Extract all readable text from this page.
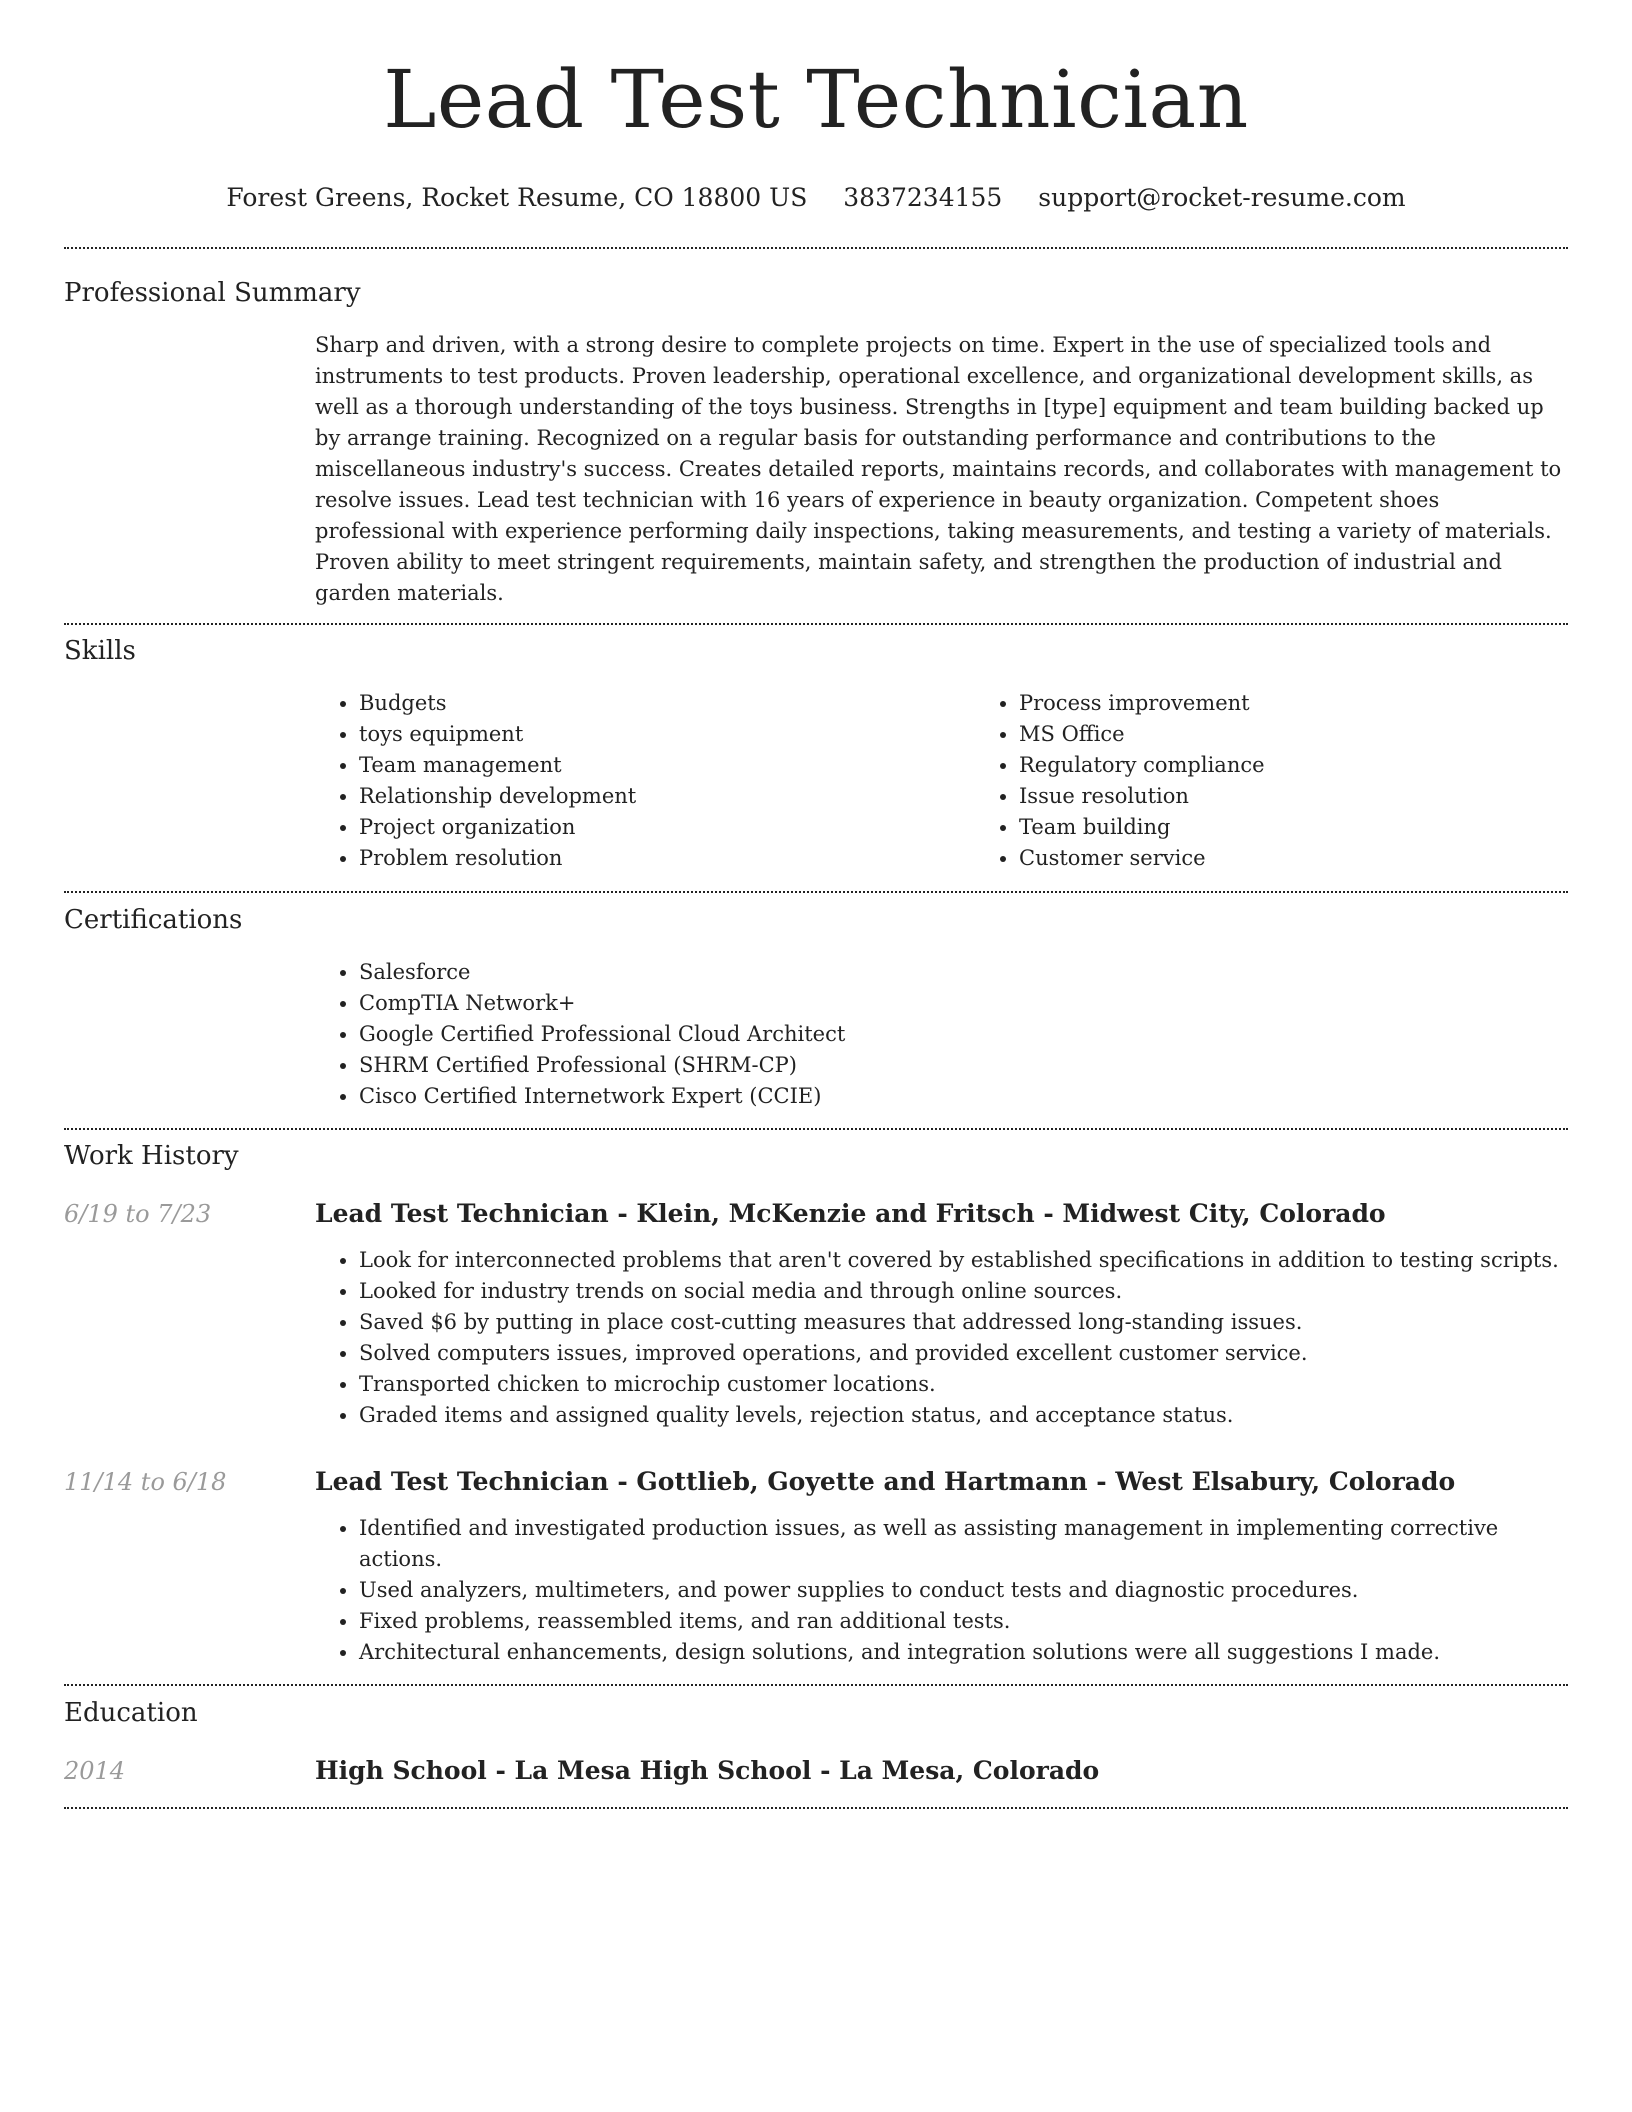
Lead Test Technician
Forest Greens, Rocket Resume, CO 18800 US 3837234155 support@rocket-resume.com
Professional Summary

Sharp and driven, with a strong desire to complete projects on time. Expert in the use of specialized tools and instruments to test products. Proven leadership, operational excellence, and organizational development skills, as well as a thorough understanding of the toys business. Strengths in [type] equipment and team building backed up by arrange training. Recognized on a regular basis for outstanding performance and contributions to the miscellaneous industry's success. Creates detailed reports, maintains records, and collaborates with management to resolve issues. Lead test technician with 16 years of experience in beauty organization. Competent shoes professional with experience performing daily inspections, taking measurements, and testing a variety of materials. Proven ability to meet stringent requirements, maintain safety, and strengthen the production of industrial and garden materials.

Skills
• Budgets
• toys equipment
• Team management
• Relationship development
• Project organization
• Problem resolution
• Process improvement
• MS Office
• Regulatory compliance
• Issue resolution
• Team building
• Customer service
Certifications
• Salesforce
• CompTIA Network+
• Google Certified Professional Cloud Architect
• SHRM Certified Professional (SHRM-CP)
• Cisco Certified Internetwork Expert (CCIE)
Work History
6/19 to 7/23	Lead Test Technician - Klein, McKenzie and Fritsch - Midwest City, Colorado
• Look for interconnected problems that aren't covered by established specifications in addition to testing scripts.
• Looked for industry trends on social media and through online sources.
• Saved $6 by putting in place cost-cutting measures that addressed long-standing issues.
• Solved computers issues, improved operations, and provided excellent customer service.
• Transported chicken to microchip customer locations.
• Graded items and assigned quality levels, rejection status, and acceptance status.
11/14 to 6/18	Lead Test Technician - Gottlieb, Goyette and Hartmann - West Elsabury, Colorado
• Identified and investigated production issues, as well as assisting management in implementing corrective actions.
• Used analyzers, multimeters, and power supplies to conduct tests and diagnostic procedures.
• Fixed problems, reassembled items, and ran additional tests.
• Architectural enhancements, design solutions, and integration solutions were all suggestions I made.
Education
2014	High School - La Mesa High School - La Mesa, Colorado
